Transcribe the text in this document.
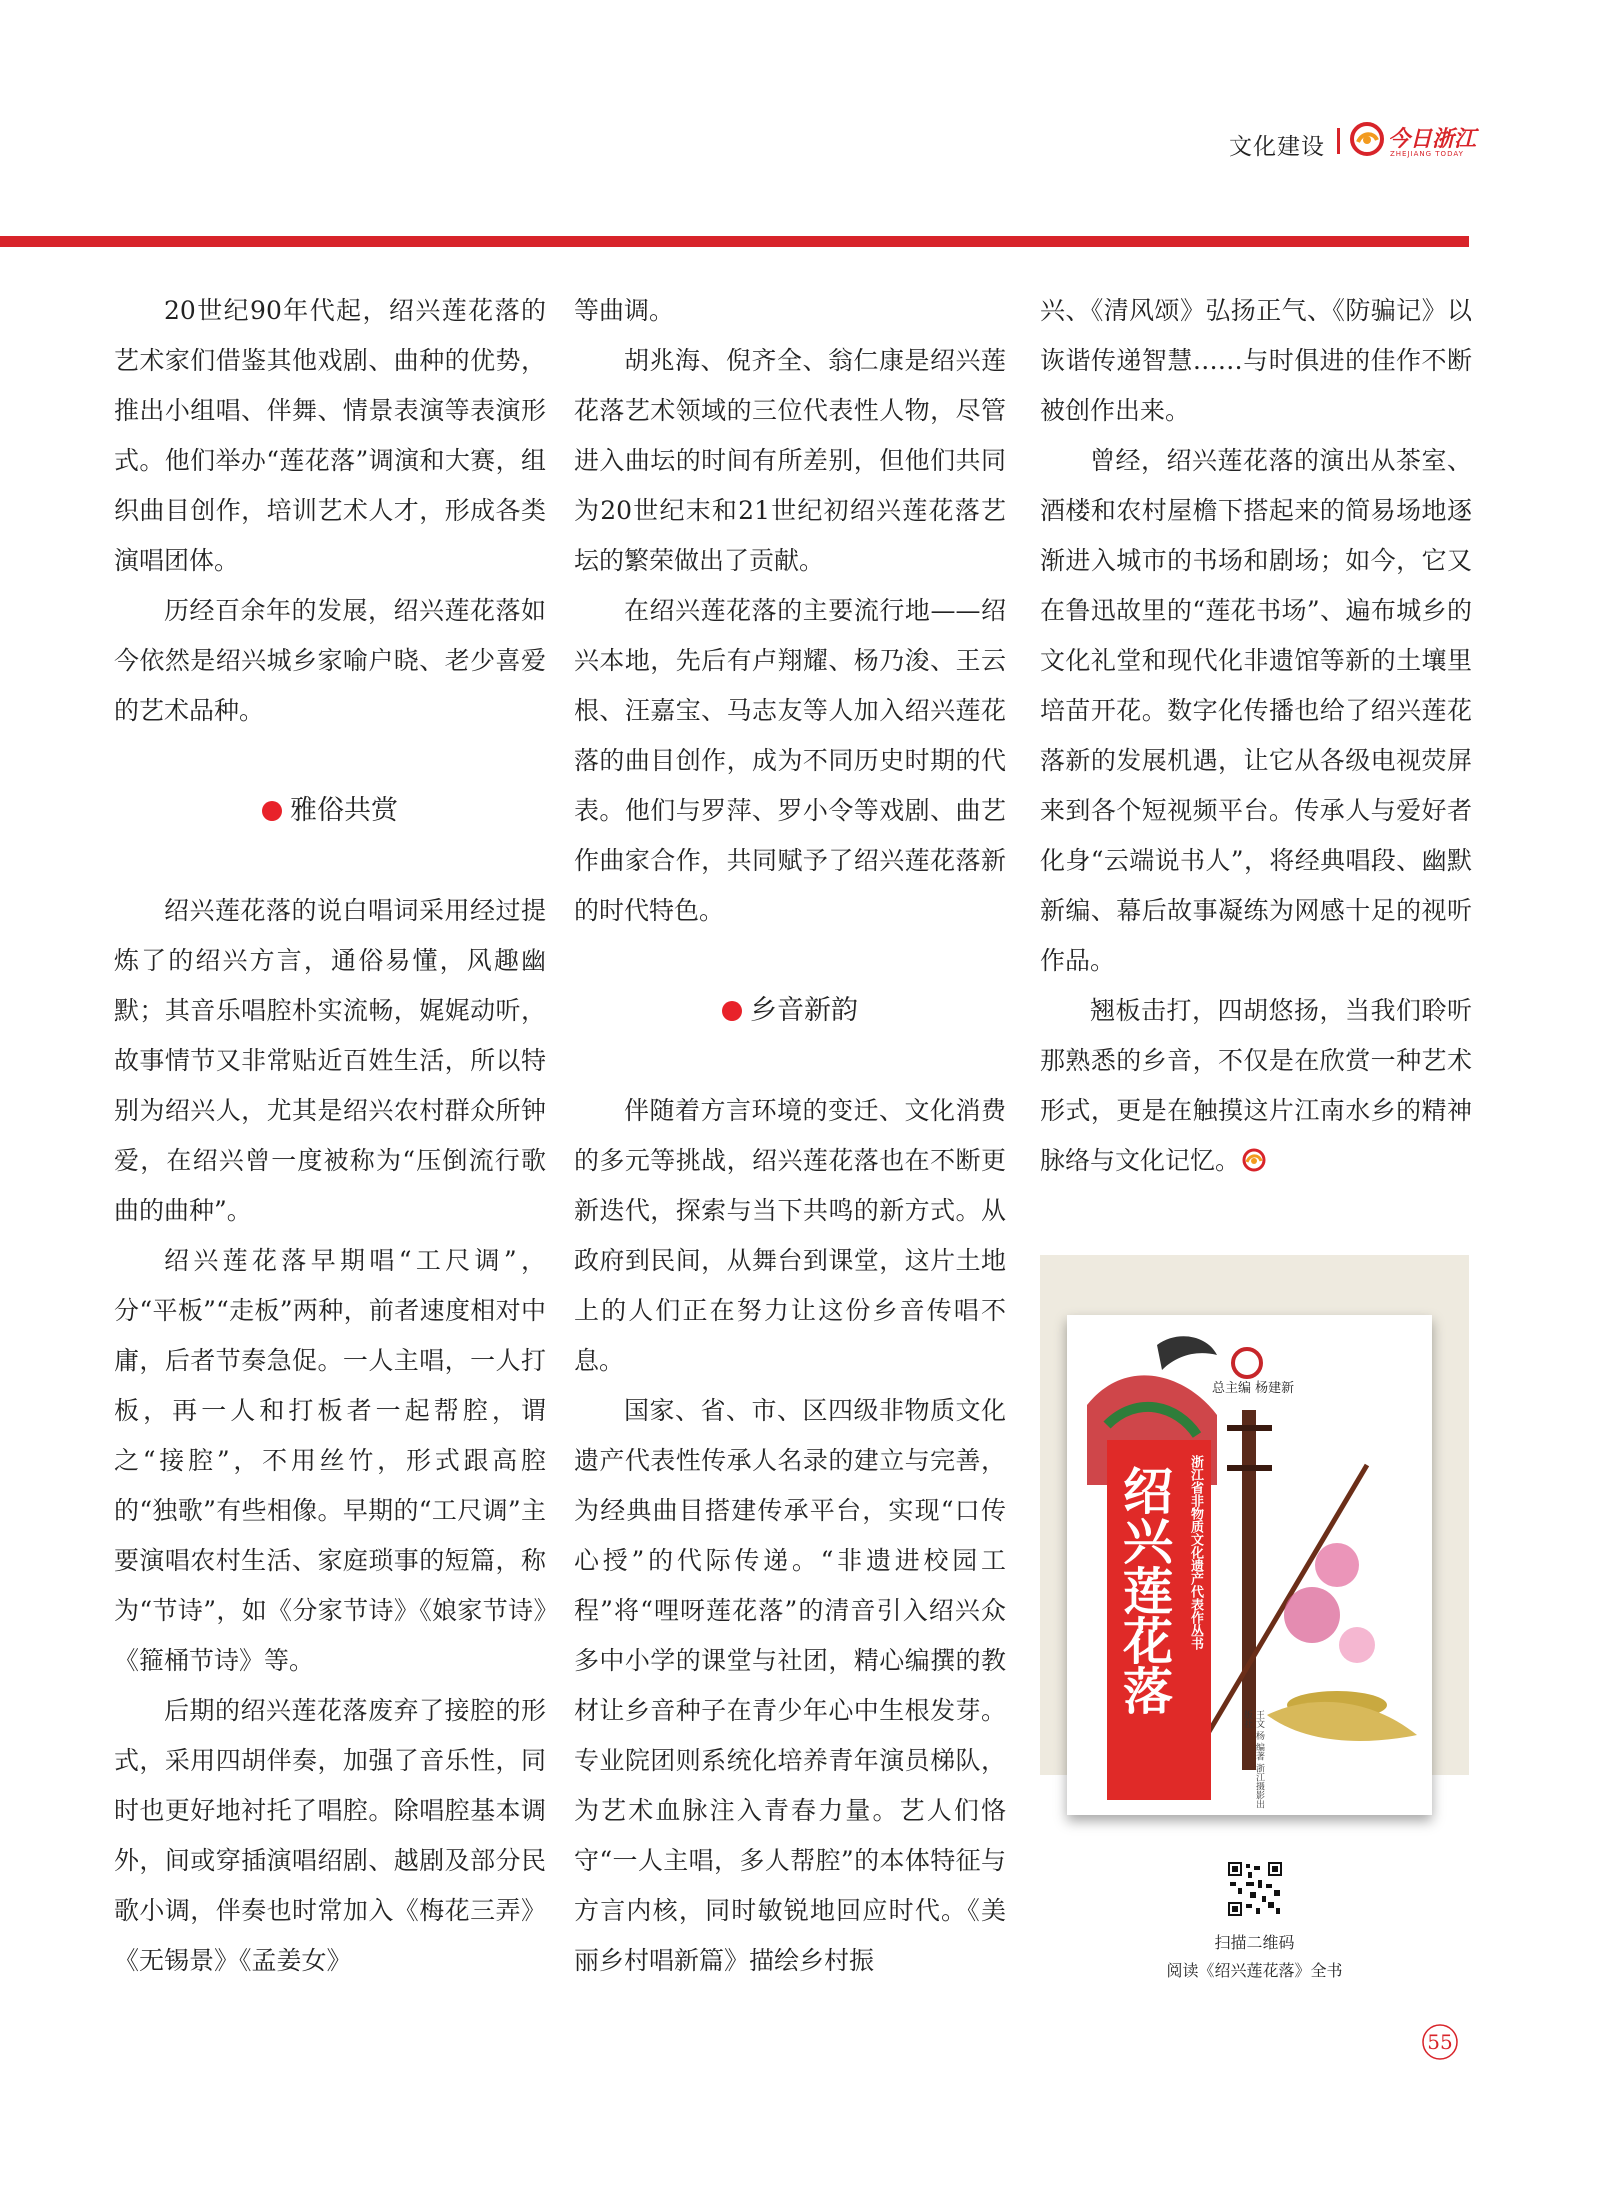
文化建设	今日浙江
ZHEJIANG TODAY

20世纪90年代起，绍兴莲花落的艺术家们借鉴其他戏剧、曲种的优势，推出小组唱、伴舞、情景表演等表演形式。他们举办“莲花落”调演和大赛，组织曲目创作，培训艺术人才，形成各类演唱团体。

历经百余年的发展，绍兴莲花落如今依然是绍兴城乡家喻户晓、老少喜爱的艺术品种。

雅俗共赏

绍兴莲花落的说白唱词采用经过提炼了的绍兴方言，通俗易懂，风趣幽默；其音乐唱腔朴实流畅，娓娓动听，故事情节又非常贴近百姓生活，所以特别为绍兴人，尤其是绍兴农村群众所钟爱，在绍兴曾一度被称为“压倒流行歌曲的曲种”。

绍兴莲花落早期唱“工尺调”，分“平板”“走板”两种，前者速度相对中庸，后者节奏急促。一人主唱，一人打板，再一人和打板者一起帮腔，谓之“接腔”，不用丝竹，形式跟高腔的“独歌”有些相像。早期的“工尺调”主要演唱农村生活、家庭琐事的短篇，称为“节诗”，如《分家节诗》《娘家节诗》《箍桶节诗》等。

后期的绍兴莲花落废弃了接腔的形式，采用四胡伴奏，加强了音乐性，同时也更好地衬托了唱腔。除唱腔基本调外，间或穿插演唱绍剧、越剧及部分民歌小调，伴奏也时常加入《梅花三弄》《无锡景》《孟姜女》

等曲调。

胡兆海、倪齐全、翁仁康是绍兴莲花落艺术领域的三位代表性人物，尽管进入曲坛的时间有所差别，但他们共同为20世纪末和21世纪初绍兴莲花落艺坛的繁荣做出了贡献。

在绍兴莲花落的主要流行地——绍兴本地，先后有卢翔耀、杨乃浚、王云根、汪嘉宝、马志友等人加入绍兴莲花落的曲目创作，成为不同历史时期的代表。他们与罗萍、罗小令等戏剧、曲艺作曲家合作，共同赋予了绍兴莲花落新的时代特色。

乡音新韵

伴随着方言环境的变迁、文化消费的多元等挑战，绍兴莲花落也在不断更新迭代，探索与当下共鸣的新方式。从政府到民间，从舞台到课堂，这片土地上的人们正在努力让这份乡音传唱不息。

国家、省、市、区四级非物质文化遗产代表性传承人名录的建立与完善，为经典曲目搭建传承平台，实现“口传心授”的代际传递。“非遗进校园工程”将“哩呀莲花落”的清音引入绍兴众多中小学的课堂与社团，精心编撰的教材让乡音种子在青少年心中生根发芽。专业院团则系统化培养青年演员梯队，为艺术血脉注入青春力量。艺人们恪守“一人主唱，多人帮腔”的本体特征与方言内核，同时敏锐地回应时代。《美丽乡村唱新篇》描绘乡村振

兴、《清风颂》弘扬正气、《防骗记》以诙谐传递智慧……与时俱进的佳作不断被创作出来。

曾经，绍兴莲花落的演出从茶室、酒楼和农村屋檐下搭起来的简易场地逐渐进入城市的书场和剧场；如今，它又在鲁迅故里的“莲花书场”、遍布城乡的文化礼堂和现代化非遗馆等新的土壤里培苗开花。数字化传播也给了绍兴莲花落新的发展机遇，让它从各级电视荧屏来到各个短视频平台。传承人与爱好者化身“云端说书人”，将经典唱段、幽默新编、幕后故事凝练为网感十足的视听作品。

翘板击打，四胡悠扬，当我们聆听那熟悉的乡音，不仅是在欣赏一种艺术形式，更是在触摸这片江南水乡的精神脉络与文化记忆。

绍兴莲花落	浙江省非物质文化遗产代表作丛书
总主编 杨建新
王文 杨 编著 浙江摄影出版社
扫描二维码
阅读《绍兴莲花落》全书
55
